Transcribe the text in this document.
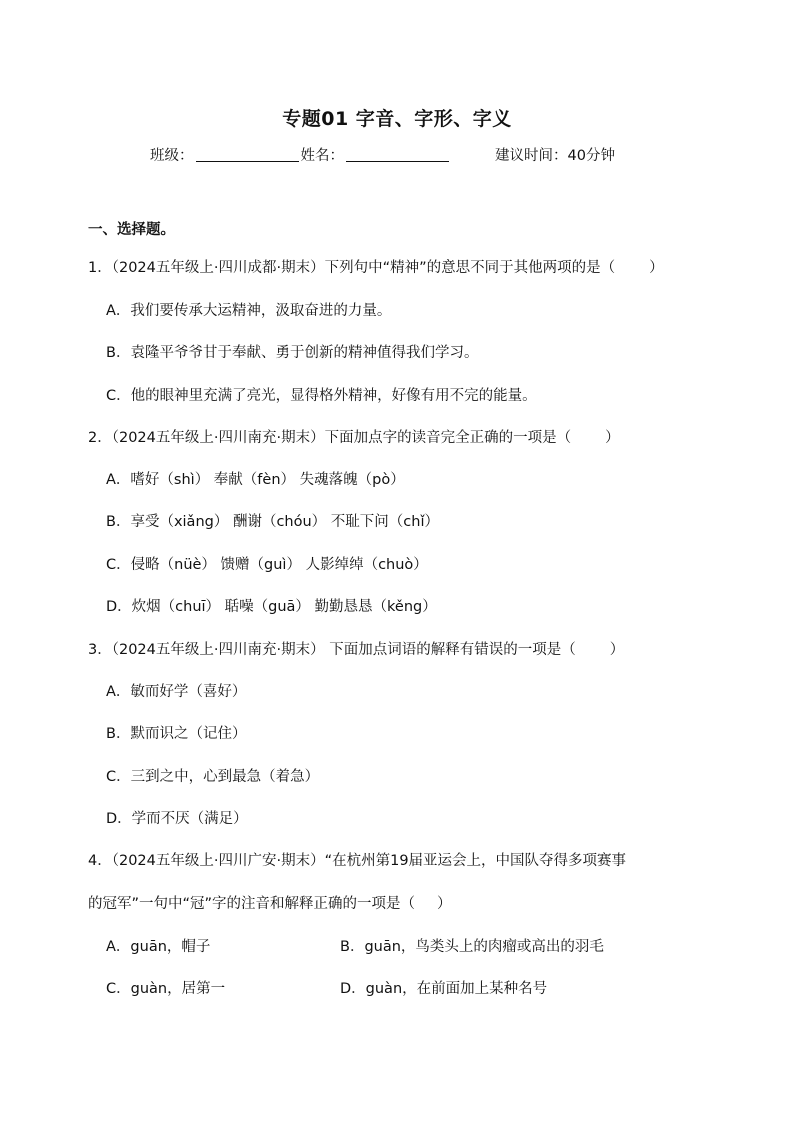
专题01 字音、字形、字义
班级：	姓名：	建议时间：40分钟
一、选择题。
1．（2024五年级上·四川成都·期末）下列句中“精神”的意思不同于其他两项的是（ ）
A．我们要传承大运精神，汲取奋进的力量。
B．袁隆平爷爷甘于奉献、勇于创新的精神值得我们学习。
C．他的眼神里充满了亮光，显得格外精神，好像有用不完的能量。
2．（2024五年级上·四川南充·期末）下面加点字的读音完全正确的一项是（ ）
A．嗜好（shì） 奉献（fèn） 失魂落魄（pò）
B．享受（xiǎng） 酬谢（chóu） 不耻下问（chǐ）
C．侵略（nüè） 馈赠（guì） 人影绰绰（chuò）
D．炊烟（chuī） 聒噪（guā） 勤勤恳恳（kěng）
3．（2024五年级上·四川南充·期末） 下面加点词语的解释有错误的一项是（ ）
A．敏而好学（喜好）
B．默而识之（记住）
C．三到之中，心到最急（着急）
D．学而不厌（满足）
4．（2024五年级上·四川广安·期末）“在杭州第19届亚运会上，中国队夺得多项赛事
的冠军”一句中“冠”字的注音和解释正确的一项是（ ）
A．guān，帽子	B．guān，鸟类头上的肉瘤或高出的羽毛
C．guàn，居第一	D．guàn，在前面加上某种名号
